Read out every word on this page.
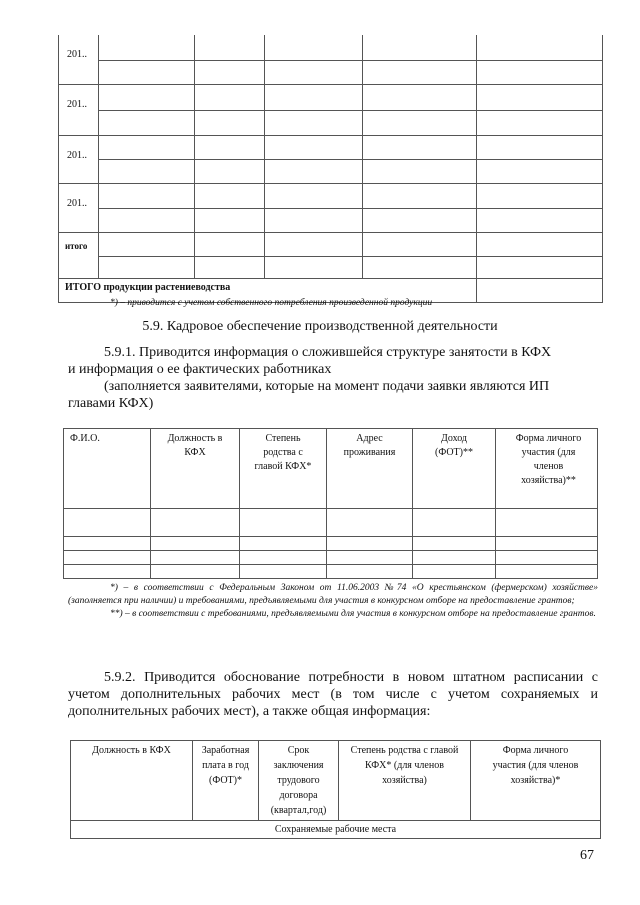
201..					

201..					

201..					

201..					

итого					

ИТОГО продукции растениеводства					
*) – приводится с учетом собственного потребления произведенной продукции
5.9. Кадровое обеспечение производственной деятельности
5.9.1. Приводится информация о сложившейся структуре занятости в КФХ
и информация о ее фактических работниках
(заполняется заявителями, которые на момент подачи заявки являются ИП
главами КФХ)
Ф.И.О.	Должность в КФХ	Степень родства с главой КФХ*	Адрес проживания	Доход (ФОТ)**	Форма личного участия (для членов хозяйства)**

*) – в соответствии с Федеральным Законом от 11.06.2003 №74 «О крестьянском (фермерском) хозяйстве» (заполняется при наличии) и требованиями, предъявляемыми для участия в конкурсном отборе на предоставление грантов;
**) – в соответствии с требованиями, предъявляемыми для участия в конкурсном отборе на предоставление грантов.
5.9.2. Приводится обоснование потребности в новом штатном расписании с учетом дополнительных рабочих мест (в том числе с учетом сохраняемых и дополнительных рабочих мест), а также общая информация:
Должность в КФХ	Заработная плата в год (ФОТ)*	Срок заключения трудового договора (квартал,год)	Степень родства с главой КФХ* (для членов хозяйства)	Форма личного участия (для членов хозяйства)*
Сохраняемые рабочие места
67
